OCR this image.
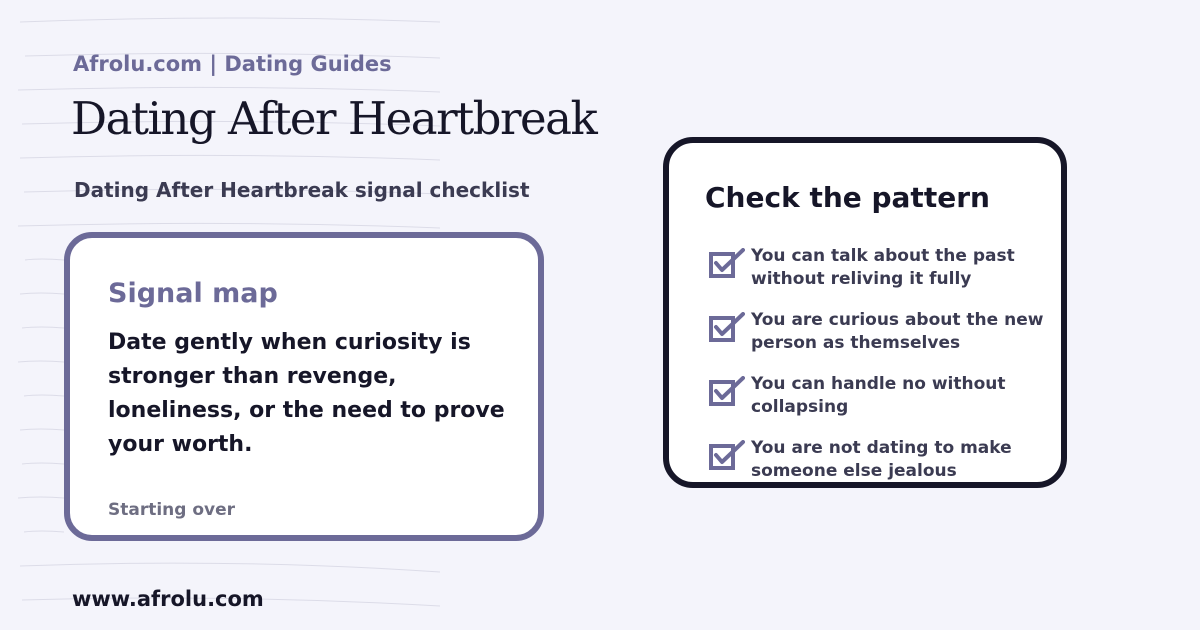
Afrolu.com | Dating Guides
Dating After Heartbreak
Dating After Heartbreak signal checklist
Signal map
Date gently when curiosity is stronger than revenge, loneliness, or the need to prove your worth.
Starting over
Check the pattern
You can talk about the past without reliving it fully
You are curious about the new person as themselves
You can handle no without collapsing
You are not dating to make someone else jealous
www.afrolu.com
